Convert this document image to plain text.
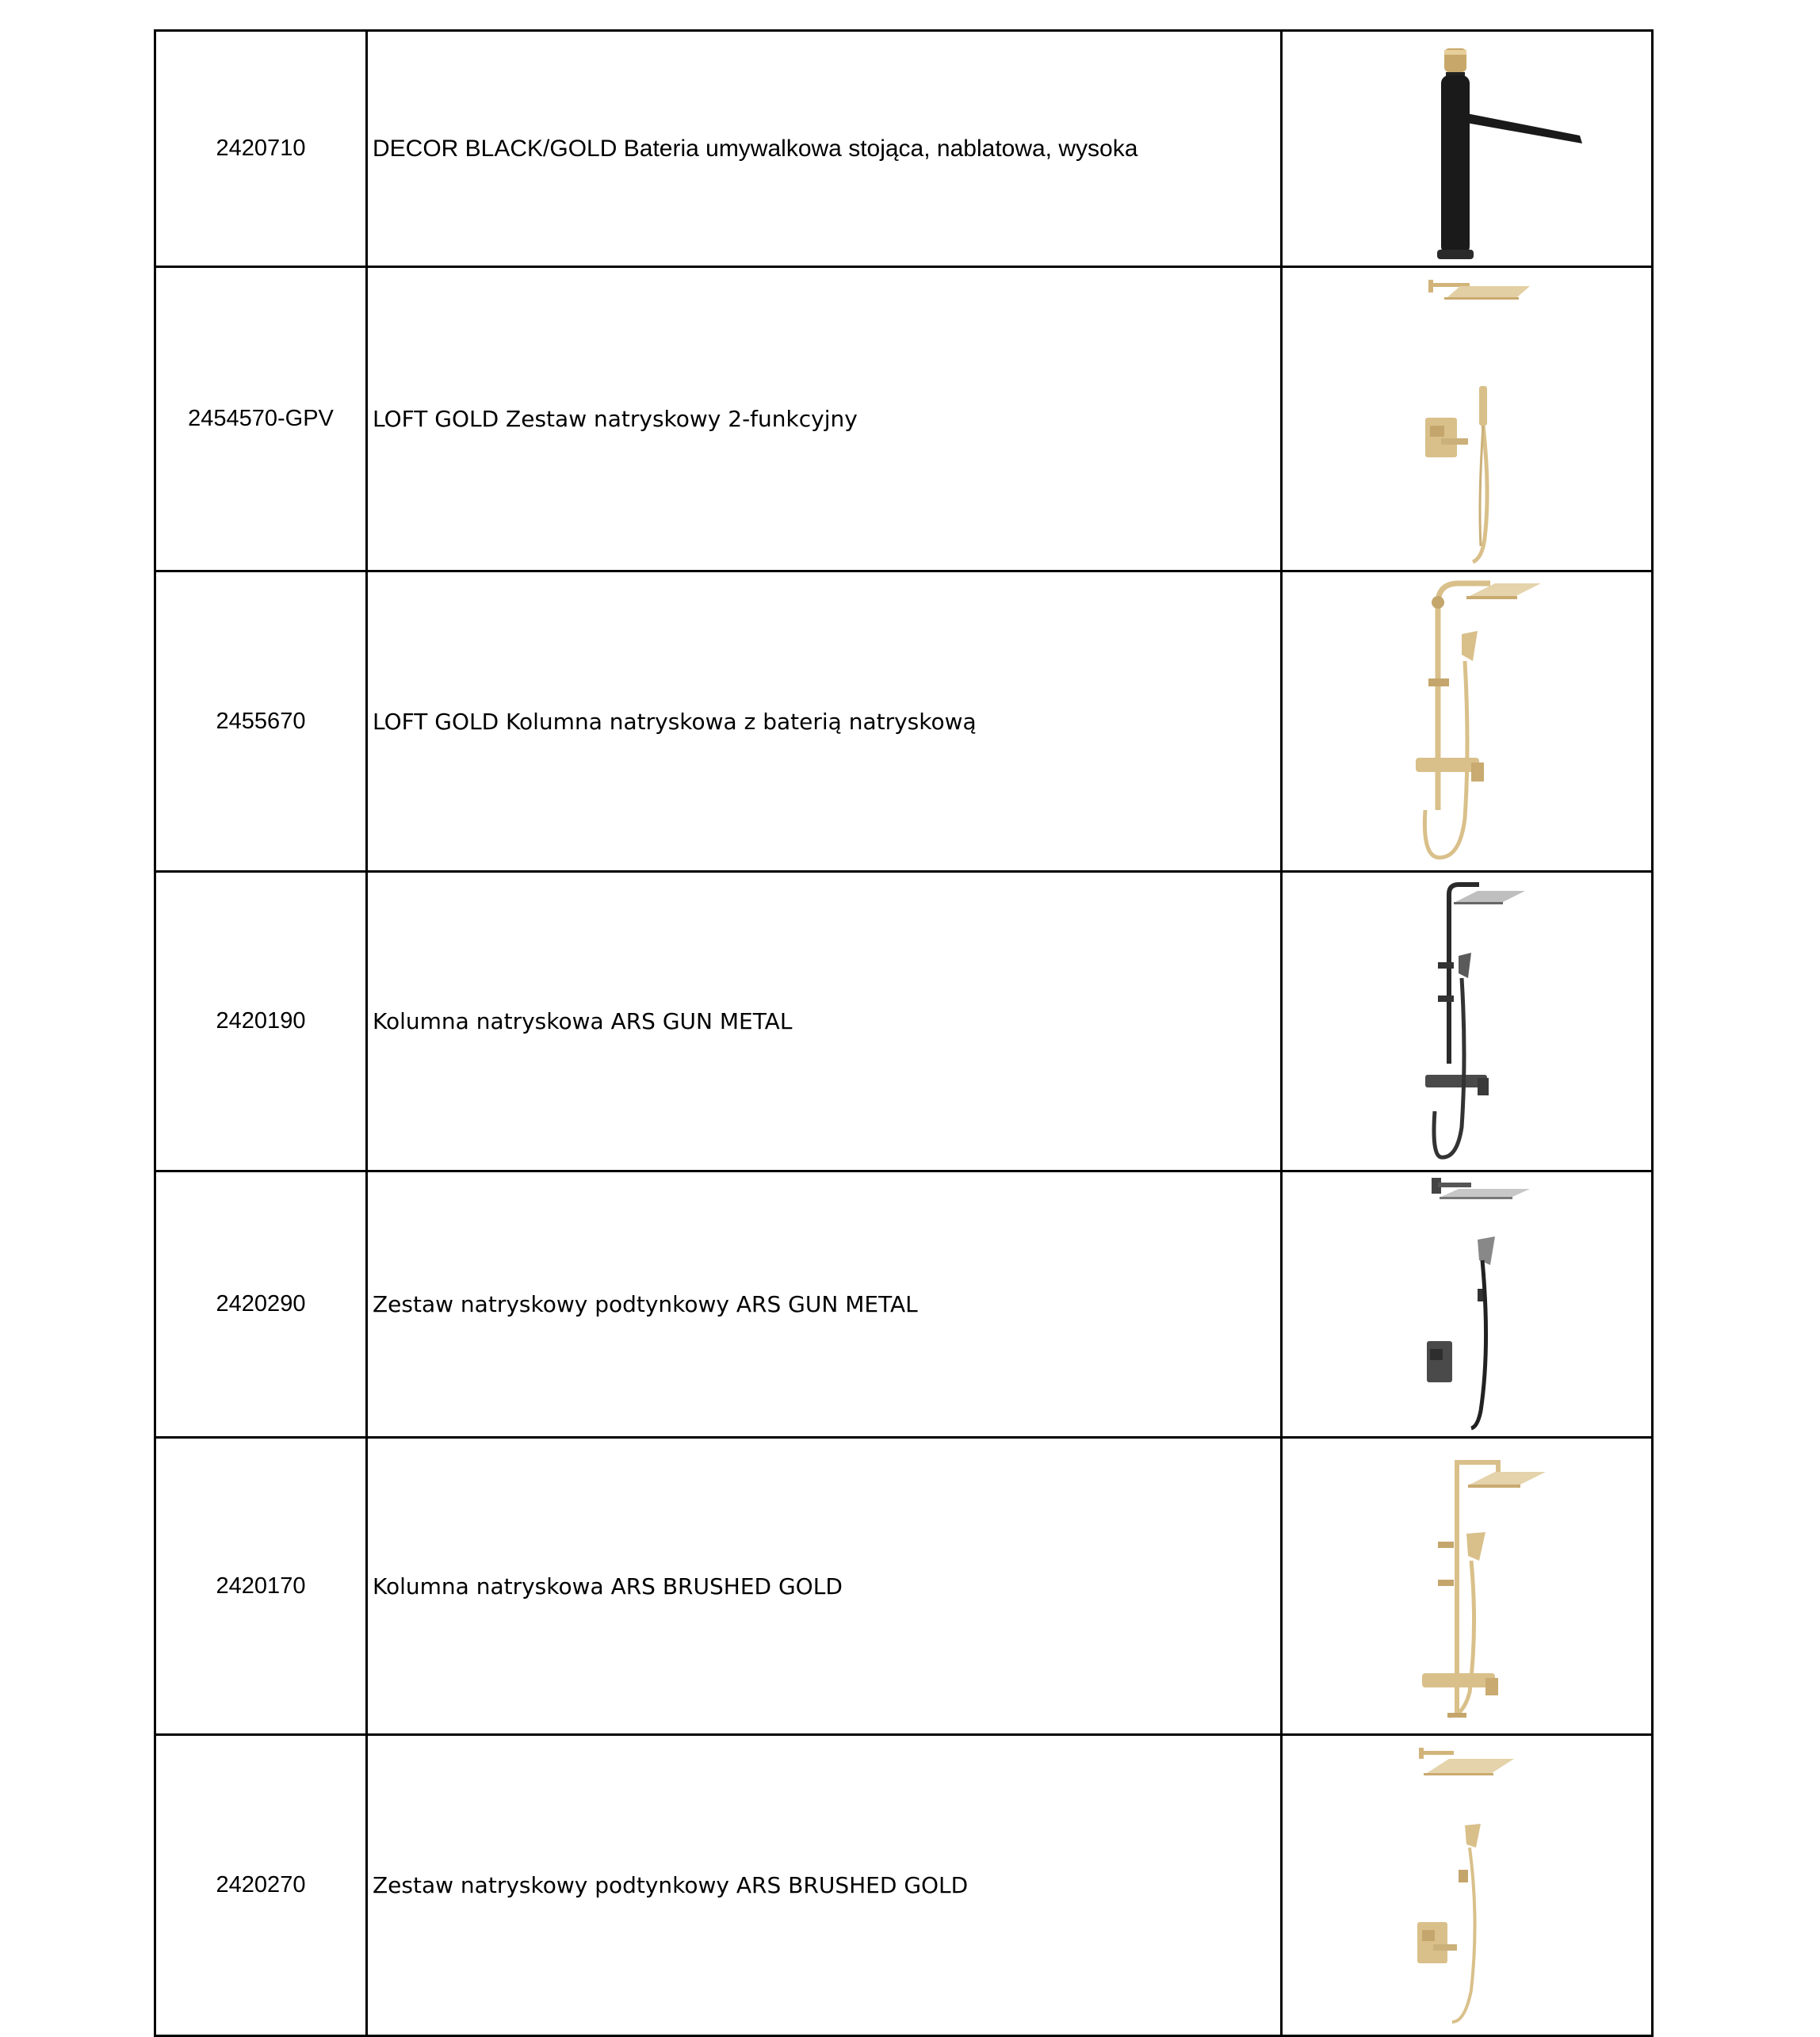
2420710	DECOR BLACK/GOLD Bateria umywalkowa stojąca, nablatowa, wysoka	

2454570-GPV	LOFT GOLD Zestaw natryskowy 2-funkcyjny	

2455670	LOFT GOLD Kolumna natryskowa z baterią natryskową	

2420190	Kolumna natryskowa ARS GUN METAL	

2420290	Zestaw natryskowy podtynkowy ARS GUN METAL	

2420170	Kolumna natryskowa ARS BRUSHED GOLD	

2420270	Zestaw natryskowy podtynkowy ARS BRUSHED GOLD	
